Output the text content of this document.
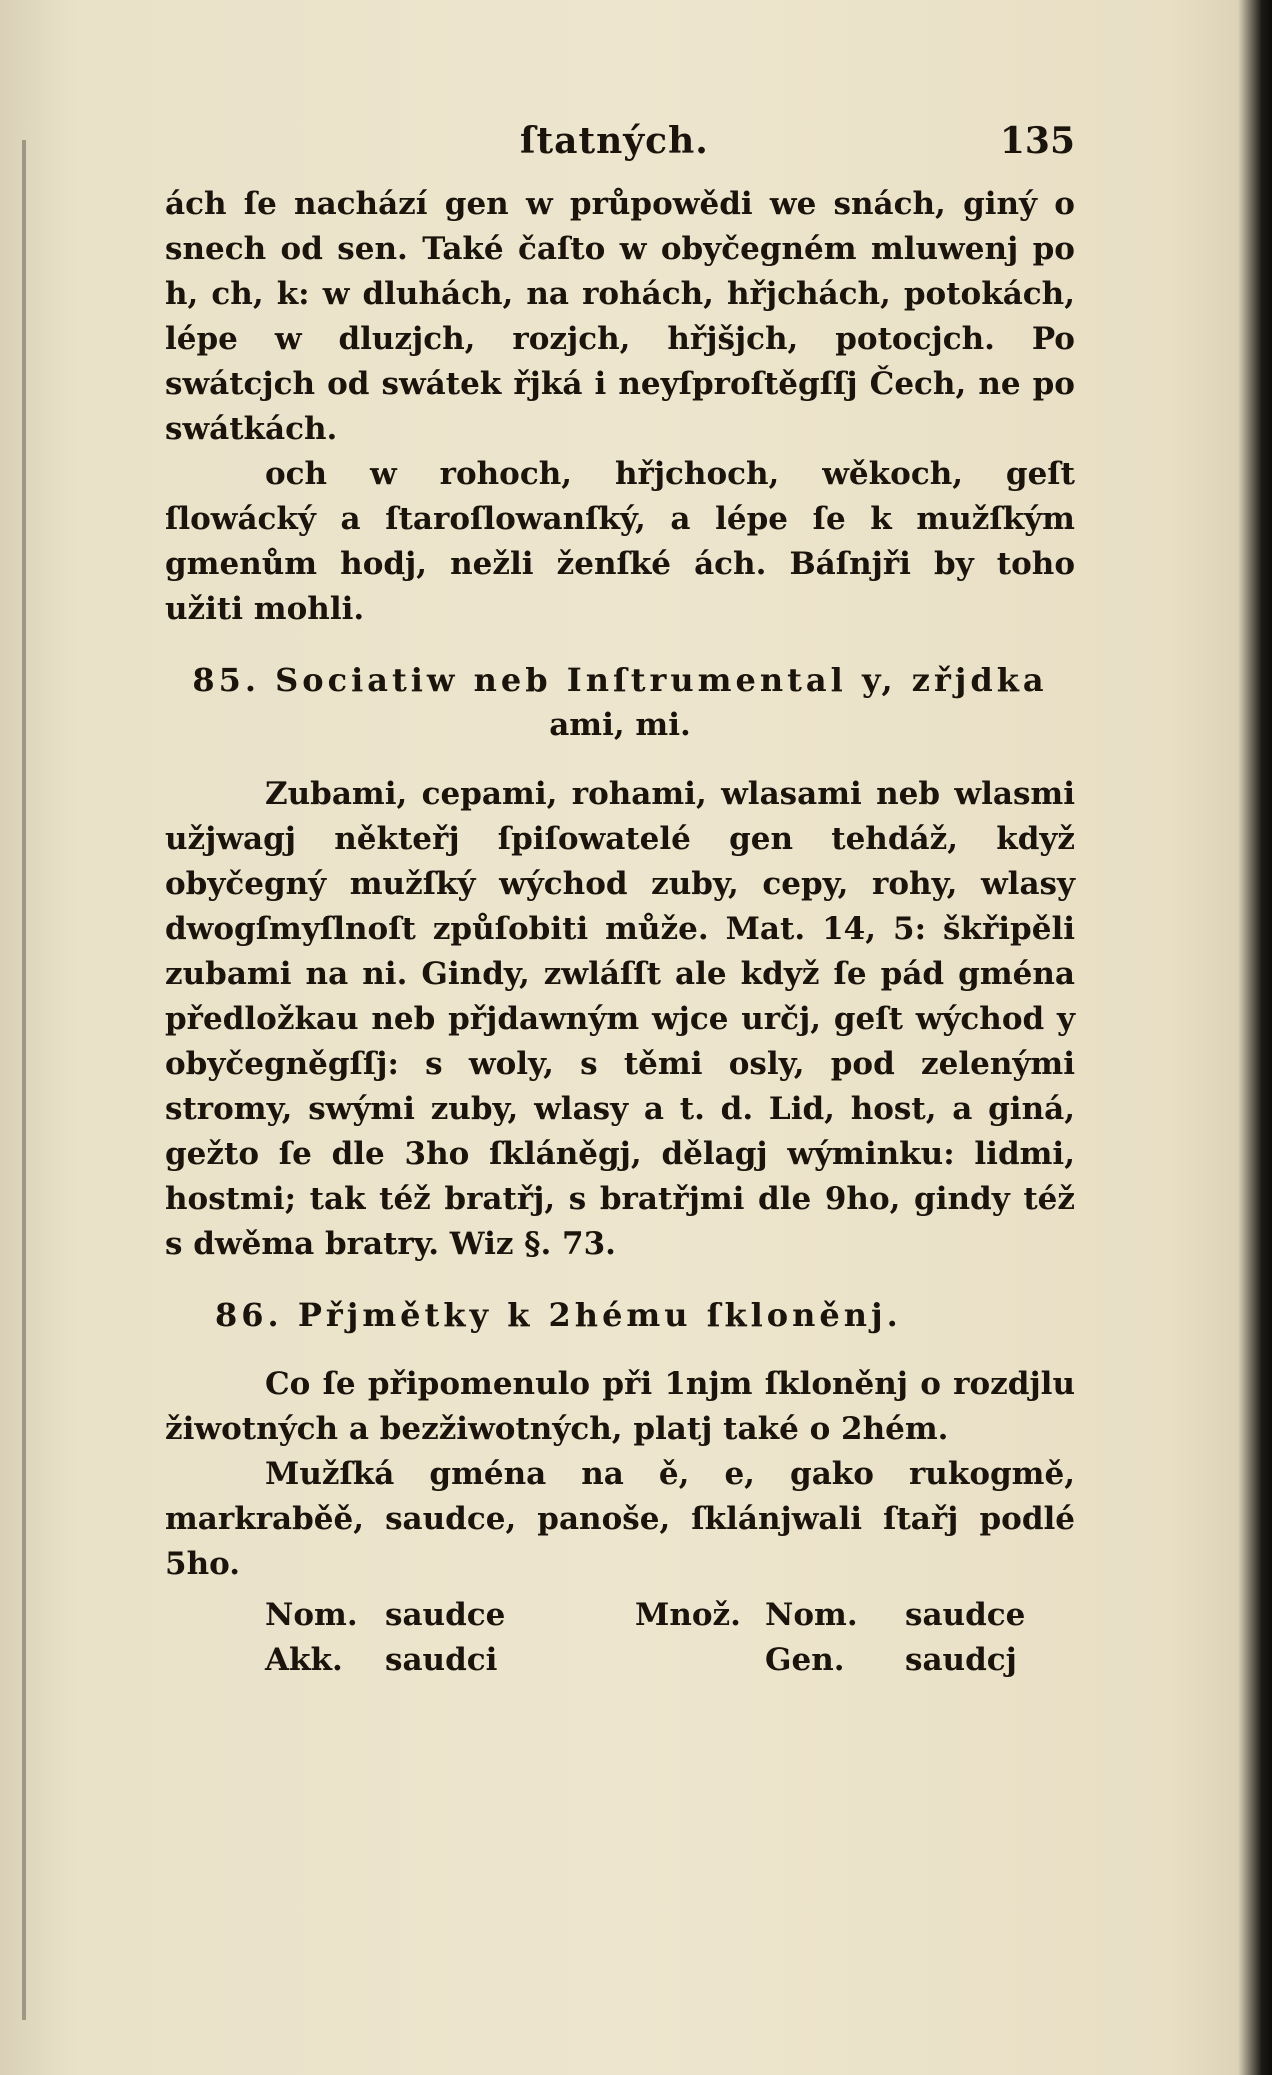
ſtatných.	135

ách ſe nachází gen w průpowědi we snách, giný o snech od sen. Také čaſto w obyčegném mluwenj po h, ch, k: w dluhách, na rohách, hřjchách, potokách, lépe w dluzjch, rozjch, hřjšjch, potocjch. Po swátcjch od swátek řjká i neyſproſtěgſſj Čech, ne po swátkách.

och w rohoch, hřjchoch, wěkoch, geſt ſlowácký a ſtaroſlowanſký, a lépe ſe k mužſkým gmenům hodj, nežli ženſké ách. Báſnjři by toho užiti mohli.

85. Sociatiw neb Inſtrumental y, zřjdka
ami, mi.

Zubami, cepami, rohami, wlasami neb wlasmi užjwagj někteřj ſpiſowatelé gen tehdáž, když obyčegný mužſký wýchod zuby, cepy, rohy, wlasy dwogſmyſlnoſt způſobiti může. Mat. 14, 5: škřipěli zubami na ni. Gindy, zwláſſt ale když ſe pád gména předložkau neb přjdawným wjce určj, geſt wýchod y obyčegněgſſj: s woly, s těmi osly, pod zelenými stromy, swými zuby, wlasy a t. d. Lid, host, a giná, gežto ſe dle 3ho ſkláněgj, dělagj wýminku: lidmi, hostmi; tak též bratřj, s bratřjmi dle 9ho, gindy též s dwěma bratry. Wiz §. 73.

86. Přjmětky k 2hému ſkloněnj.

Co ſe připomenulo při 1njm ſkloněnj o rozdjlu žiwotných a bezžiwotných, platj také o 2hém.

Mužſká gména na ě, e, gako rukogmě, markraběě, saudce, panoše, ſklánjwali ſtařj podlé 5ho.

Nom. saudce	Množ. Nom.	saudce
Akk.	saudci	Gen.	saudcj
